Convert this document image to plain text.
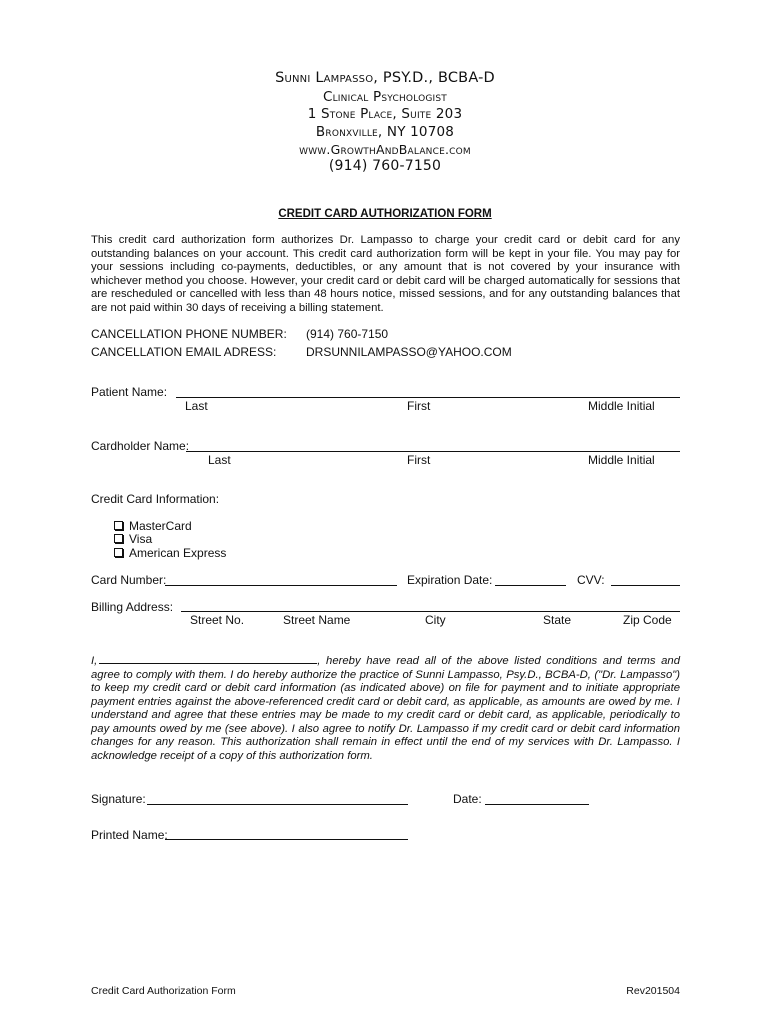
Sunni Lampasso, PSY.D., BCBA-D
Clinical Psychologist
1 Stone Place, Suite 203
Bronxville, NY 10708
www.GrowthAndBalance.com
(914) 760-7150
CREDIT CARD AUTHORIZATION FORM
This credit card authorization form authorizes Dr. Lampasso to charge your credit card or debit card for any outstanding balances on your account. This credit card authorization form will be kept in your file. You may pay for your sessions including co-payments, deductibles, or any amount that is not covered by your insurance with whichever method you choose. However, your credit card or debit card will be charged automatically for sessions that are rescheduled or cancelled with less than 48 hours notice, missed sessions, and for any outstanding balances that are not paid within 30 days of receiving a billing statement.
CANCELLATION PHONE NUMBER: (914) 760-7150
CANCELLATION EMAIL ADRESS: DRSUNNILAMPASSO@YAHOO.COM
Patient Name:
Last	First	Middle Initial
Cardholder Name:
Last	First	Middle Initial
Credit Card Information:
MasterCard
Visa
American Express
Card Number:	Expiration Date:	CVV:
Billing Address:
Street No.	Street Name	City	State	Zip Code
I,	, hereby have read all of the above listed conditions and terms and agree to comply with them. I do hereby authorize the practice of Sunni Lampasso, Psy.D., BCBA-D, ("Dr. Lampasso") to keep my credit card or debit card information (as indicated above) on file for payment and to initiate appropriate payment entries against the above-referenced credit card or debit card, as applicable, as amounts are owed by me. I understand and agree that these entries may be made to my credit card or debit card, as applicable, periodically to pay amounts owed by me (see above). I also agree to notify Dr. Lampasso if my credit card or debit card information changes for any reason. This authorization shall remain in effect until the end of my services with Dr. Lampasso. I acknowledge receipt of a copy of this authorization form.
Signature:	Date:
Printed Name:
Credit Card Authorization Form	Rev201504
